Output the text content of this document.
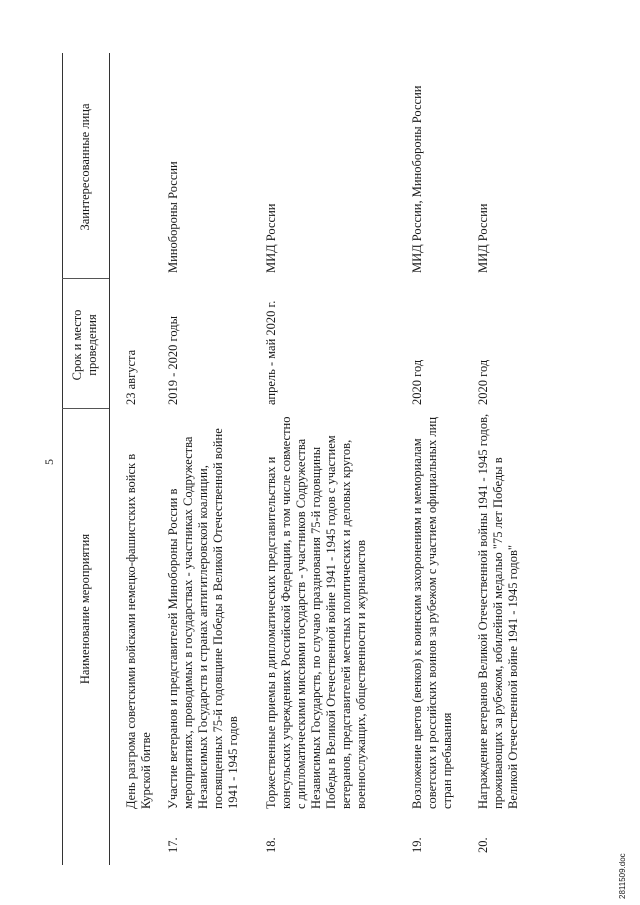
5
Наименование мероприятия
Срок и место проведения
Заинтересованные лица
День разгрома советскими войсками немецко-фашистских войск в Курской битве
23 августа
17.
Участие ветеранов и представителей Минобороны России в мероприятиях, проводимых в государствах - участниках Содружества Независимых Государств и странах антигитлеровской коалиции, посвященных 75-й годовщине Победы в Великой Отечественной войне 1941 - 1945 годов
2019 - 2020 годы
Минобороны России
18.
Торжественные приемы в дипломатических представительствах и консульских учреждениях Российской Федерации, в том числе совместно с дипломатическими миссиями государств - участников Содружества Независимых Государств, по случаю празднования 75-й годовщины Победы в Великой Отечественной войне 1941 - 1945 годов с участием ветеранов, представителей местных политических и деловых кругов, военнослужащих, общественности и журналистов
апрель - май 2020 г.
МИД России
19.
Возложение цветов (венков) к воинским захоронениям и мемориалам советских и российских воинов за рубежом с участием официальных лиц стран пребывания
2020 год
МИД России, Минобороны России
20.
Награждение ветеранов Великой Отечественной войны 1941 - 1945 годов, проживающих за рубежом, юбилейной медалью "75 лет Победы в Великой Отечественной войне 1941 - 1945 годов"
2020 год
МИД России
2811509.doc
